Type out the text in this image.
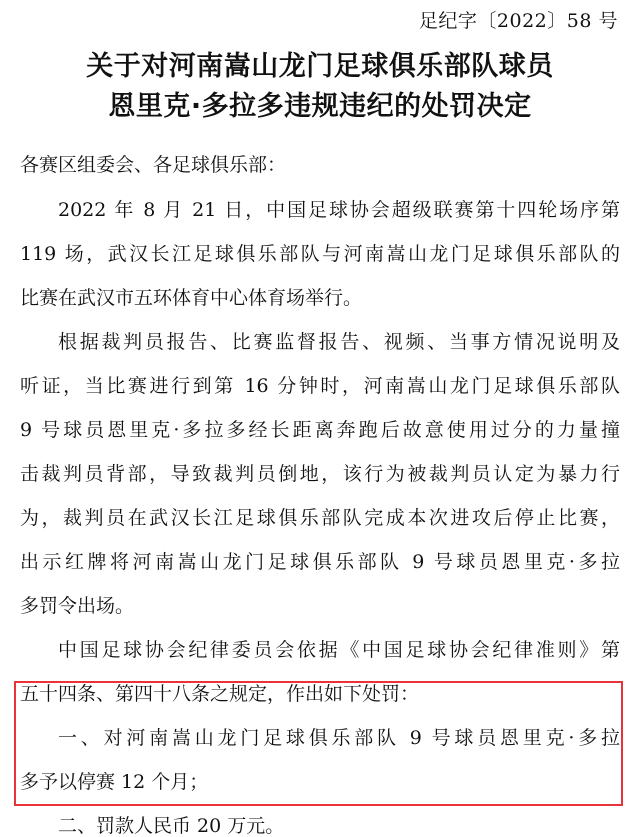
足纪字〔2022〕58 号
关于对河南嵩山龙门足球俱乐部队球员
恩里克·多拉多违规违纪的处罚决定
各赛区组委会、各足球俱乐部：
2022 年 8 月 21 日，中国足球协会超级联赛第十四轮场序第
119 场，武汉长江足球俱乐部队与河南嵩山龙门足球俱乐部队的
比赛在武汉市五环体育中心体育场举行。
根据裁判员报告、比赛监督报告、视频、当事方情况说明及
听证，当比赛进行到第 16 分钟时，河南嵩山龙门足球俱乐部队
9 号球员恩里克·多拉多经长距离奔跑后故意使用过分的力量撞
击裁判员背部，导致裁判员倒地，该行为被裁判员认定为暴力行
为，裁判员在武汉长江足球俱乐部队完成本次进攻后停止比赛，
出示红牌将河南嵩山龙门足球俱乐部队 9 号球员恩里克·多拉
多罚令出场。
中国足球协会纪律委员会依据《中国足球协会纪律准则》第
五十四条、第四十八条之规定，作出如下处罚：
一、对河南嵩山龙门足球俱乐部队 9 号球员恩里克·多拉
多予以停赛 12 个月；
二、罚款人民币 20 万元。
